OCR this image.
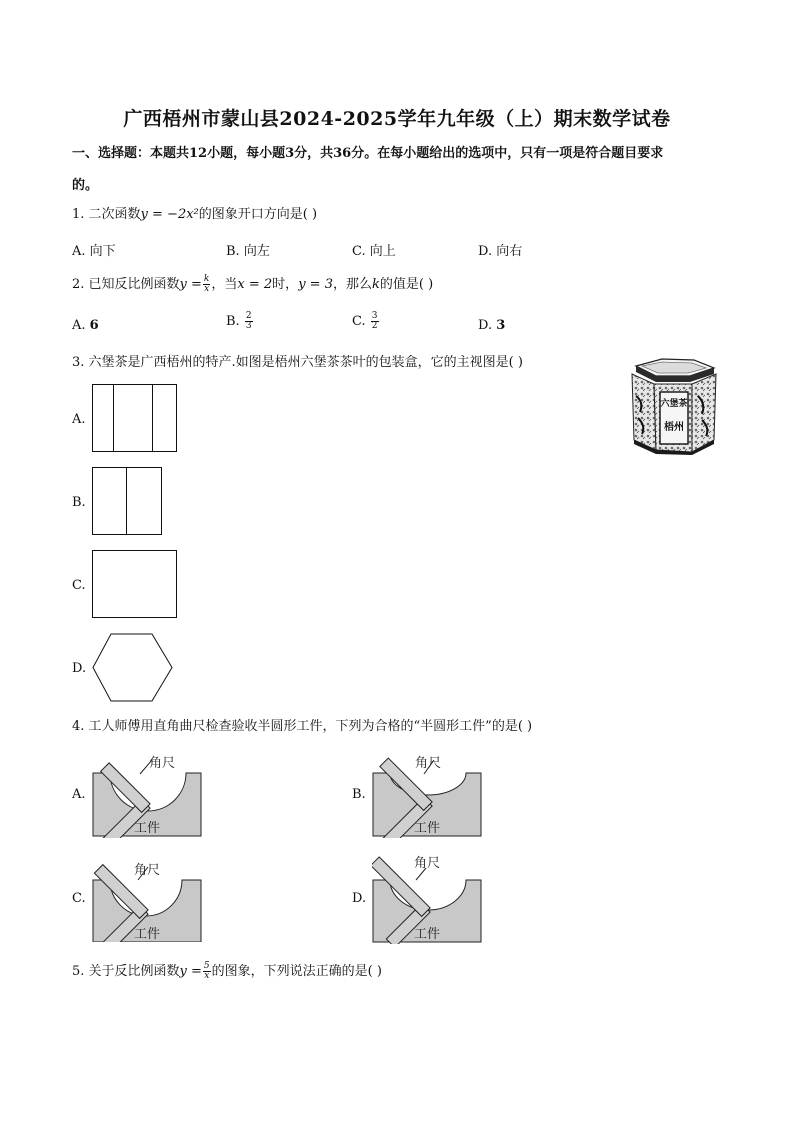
广西梧州市蒙山县2024-2025学年九年级（上）期末数学试卷
一、选择题：本题共12小题，每小题3分，共36分。在每小题给出的选项中，只有一项是符合题目要求
的。
1. 二次函数y = −2x²的图象开口方向是( )
A. 向下	B. 向左	C. 向上	D. 向右
2. 已知反比例函数$y = \frac{k}{x}$ ，当x = 2时，y = 3，那么k的值是( )
A. 6	B. $\frac{2}{3}$	C. $\frac{3}{2}$	D. 3
3. 六堡茶是广西梧州的特产.如图是梧州六堡茶茶叶的包装盒，它的主视图是( )
六堡茶
梧州
A.
B.
C.
D.
4. 工人师傅用直角曲尺检查验收半圆形工件，下列为合格的“半圆形工件”的是( )
A.
角尺
工件
B.
角尺
工件
C.
角尺
工件
D.
角尺
工件
5. 关于反比例函数$y = \frac{5}{x}$ 的图象，下列说法正确的是( )
